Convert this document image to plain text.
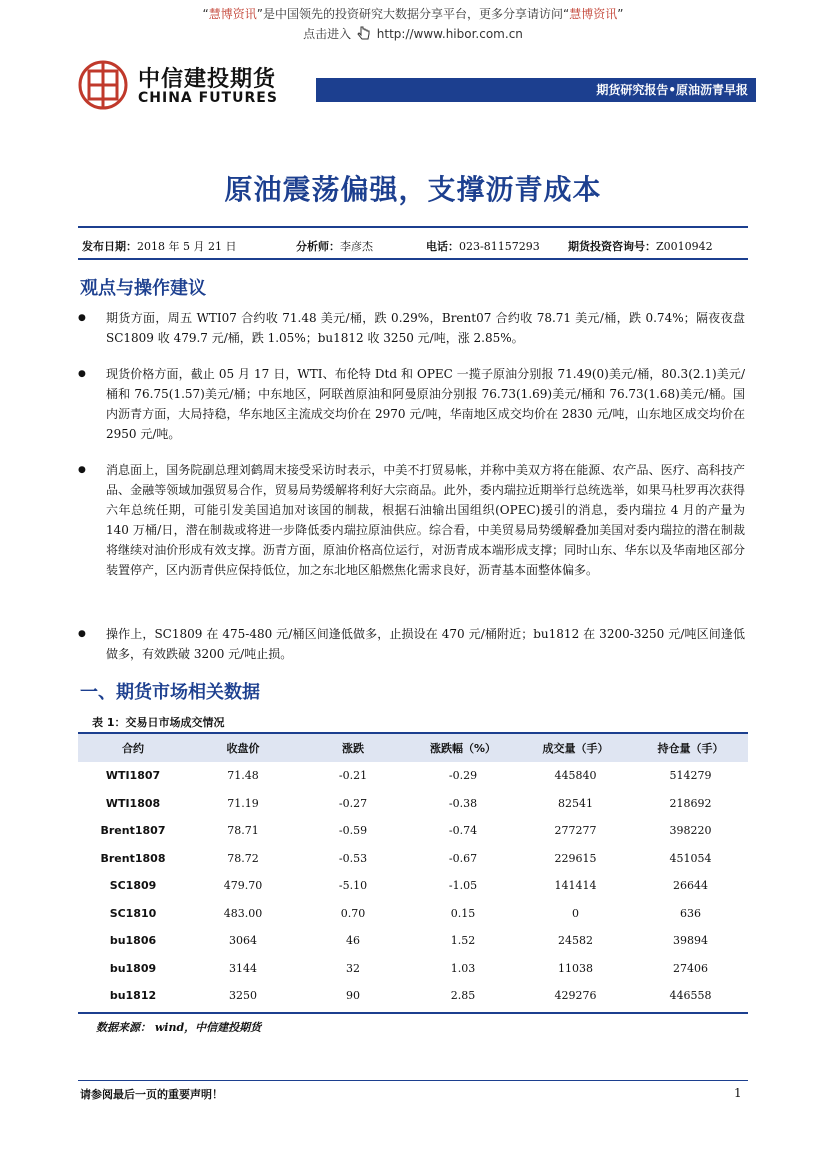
“慧博资讯”是中国领先的投资研究大数据分享平台，更多分享请访问“慧博资讯”
点击进入 http://www.hibor.com.cn
中信建投期货
CHINA FUTURES	期货研究报告•原油沥青早报
原油震荡偏强，支撑沥青成本
发布日期：2018 年 5 月 21 日	分析师：李彦杰	电话：023-81157293	期货投资咨询号：Z0010942
观点与操作建议
●	期货方面，周五 WTI07 合约收 71.48 美元/桶，跌 0.29%，Brent07 合约收 78.71 美元/桶，跌 0.74%；隔夜夜盘 SC1809 收 479.7 元/桶，跌 1.05%；bu1812 收 3250 元/吨，涨 2.85%。
●	现货价格方面，截止 05 月 17 日，WTI、布伦特 Dtd 和 OPEC 一揽子原油分别报 71.49(0)美元/桶，80.3(2.1)美元/桶和 76.75(1.57)美元/桶；中东地区，阿联酋原油和阿曼原油分别报 76.73(1.69)美元/桶和 76.73(1.68)美元/桶。国内沥青方面，大局持稳，华东地区主流成交均价在 2970 元/吨，华南地区成交均价在 2830 元/吨，山东地区成交均价在 2950 元/吨。
●	消息面上，国务院副总理刘鹤周末接受采访时表示，中美不打贸易帐，并称中美双方将在能源、农产品、医疗、高科技产品、金融等领域加强贸易合作，贸易局势缓解将利好大宗商品。此外，委内瑞拉近期举行总统选举，如果马杜罗再次获得六年总统任期，可能引发美国追加对该国的制裁，根据石油输出国组织(OPEC)援引的消息，委内瑞拉 4 月的产量为 140 万桶/日，潜在制裁或将进一步降低委内瑞拉原油供应。综合看，中美贸易局势缓解叠加美国对委内瑞拉的潜在制裁将继续对油价形成有效支撑。沥青方面，原油价格高位运行，对沥青成本端形成支撑；同时山东、华东以及华南地区部分装置停产，区内沥青供应保持低位，加之东北地区船燃焦化需求良好，沥青基本面整体偏多。
●	操作上，SC1809 在 475-480 元/桶区间逢低做多，止损设在 470 元/桶附近；bu1812 在 3200-3250 元/吨区间逢低做多，有效跌破 3200 元/吨止损。
一、期货市场相关数据
表 1：交易日市场成交情况
合约	收盘价	涨跌	涨跌幅（%）	成交量（手）	持仓量（手）
WTI1807	71.48	-0.21	-0.29	445840	514279
WTI1808	71.19	-0.27	-0.38	82541	218692
Brent1807	78.71	-0.59	-0.74	277277	398220
Brent1808	78.72	-0.53	-0.67	229615	451054
SC1809	479.70	-5.10	-1.05	141414	26644
SC1810	483.00	0.70	0.15	0	636
bu1806	3064	46	1.52	24582	39894
bu1809	3144	32	1.03	11038	27406
bu1812	3250	90	2.85	429276	446558
数据来源： wind，中信建投期货
请参阅最后一页的重要声明！	1
